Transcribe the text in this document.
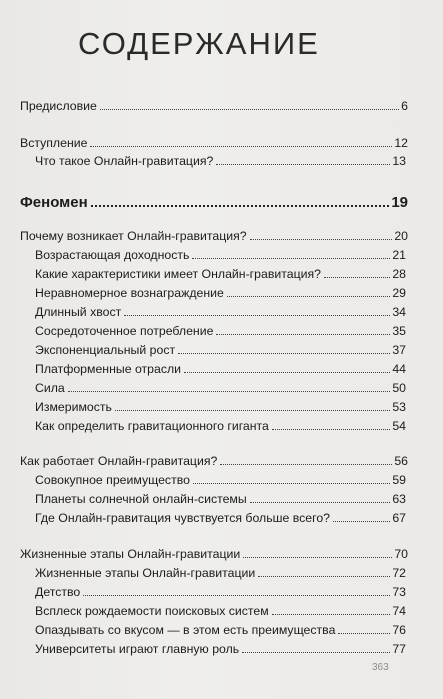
СОДЕРЖАНИЕ
Предисловие	6
Вступление	12
Что такое Онлайн-гравитация?	13
Феномен	19
Почему возникает Онлайн-гравитация?	20
Возрастающая доходность	21
Какие характеристики имеет Онлайн-гравитация?	28
Неравномерное вознаграждение	29
Длинный хвост	34
Сосредоточенное потребление	35
Экспоненциальный рост	37
Платформенные отрасли	44
Сила	50
Измеримость	53
Как определить гравитационного гиганта	54
Как работает Онлайн-гравитация?	56
Совокупное преимущество	59
Планеты солнечной онлайн-системы	63
Где Онлайн-гравитация чувствуется больше всего?	67
Жизненные этапы Онлайн-гравитации	70
Жизненные этапы Онлайн-гравитации	72
Детство	73
Всплеск рождаемости поисковых систем	74
Опаздывать со вкусом — в этом есть преимущества	76
Университеты играют главную роль	77
363
